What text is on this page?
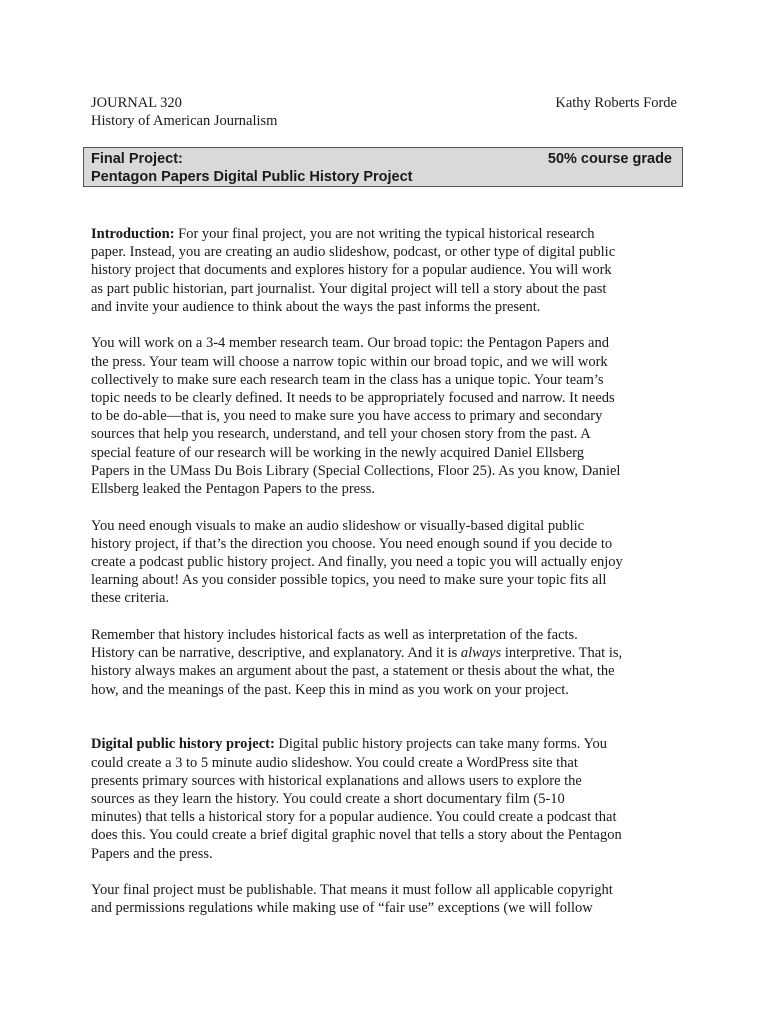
JOURNAL 320	Kathy Roberts Forde
History of American Journalism
Final Project:	50% course grade
Pentagon Papers Digital Public History Project

Introduction: For your final project, you are not writing the typical historical research
paper. Instead, you are creating an audio slideshow, podcast, or other type of digital public
history project that documents and explores history for a popular audience. You will work
as part public historian, part journalist. Your digital project will tell a story about the past
and invite your audience to think about the ways the past informs the present.

You will work on a 3-4 member research team. Our broad topic: the Pentagon Papers and
the press. Your team will choose a narrow topic within our broad topic, and we will work
collectively to make sure each research team in the class has a unique topic. Your team’s
topic needs to be clearly defined. It needs to be appropriately focused and narrow. It needs
to be do-able—that is, you need to make sure you have access to primary and secondary
sources that help you research, understand, and tell your chosen story from the past. A
special feature of our research will be working in the newly acquired Daniel Ellsberg
Papers in the UMass Du Bois Library (Special Collections, Floor 25). As you know, Daniel
Ellsberg leaked the Pentagon Papers to the press.

You need enough visuals to make an audio slideshow or visually-based digital public
history project, if that’s the direction you choose. You need enough sound if you decide to
create a podcast public history project. And finally, you need a topic you will actually enjoy
learning about! As you consider possible topics, you need to make sure your topic fits all
these criteria.

Remember that history includes historical facts as well as interpretation of the facts.
History can be narrative, descriptive, and explanatory. And it is always interpretive. That is,
history always makes an argument about the past, a statement or thesis about the what, the
how, and the meanings of the past. Keep this in mind as you work on your project.

Digital public history project: Digital public history projects can take many forms. You
could create a 3 to 5 minute audio slideshow. You could create a WordPress site that
presents primary sources with historical explanations and allows users to explore the
sources as they learn the history. You could create a short documentary film (5-10
minutes) that tells a historical story for a popular audience. You could create a podcast that
does this. You could create a brief digital graphic novel that tells a story about the Pentagon
Papers and the press.

Your final project must be publishable. That means it must follow all applicable copyright
and permissions regulations while making use of “fair use” exceptions (we will follow
